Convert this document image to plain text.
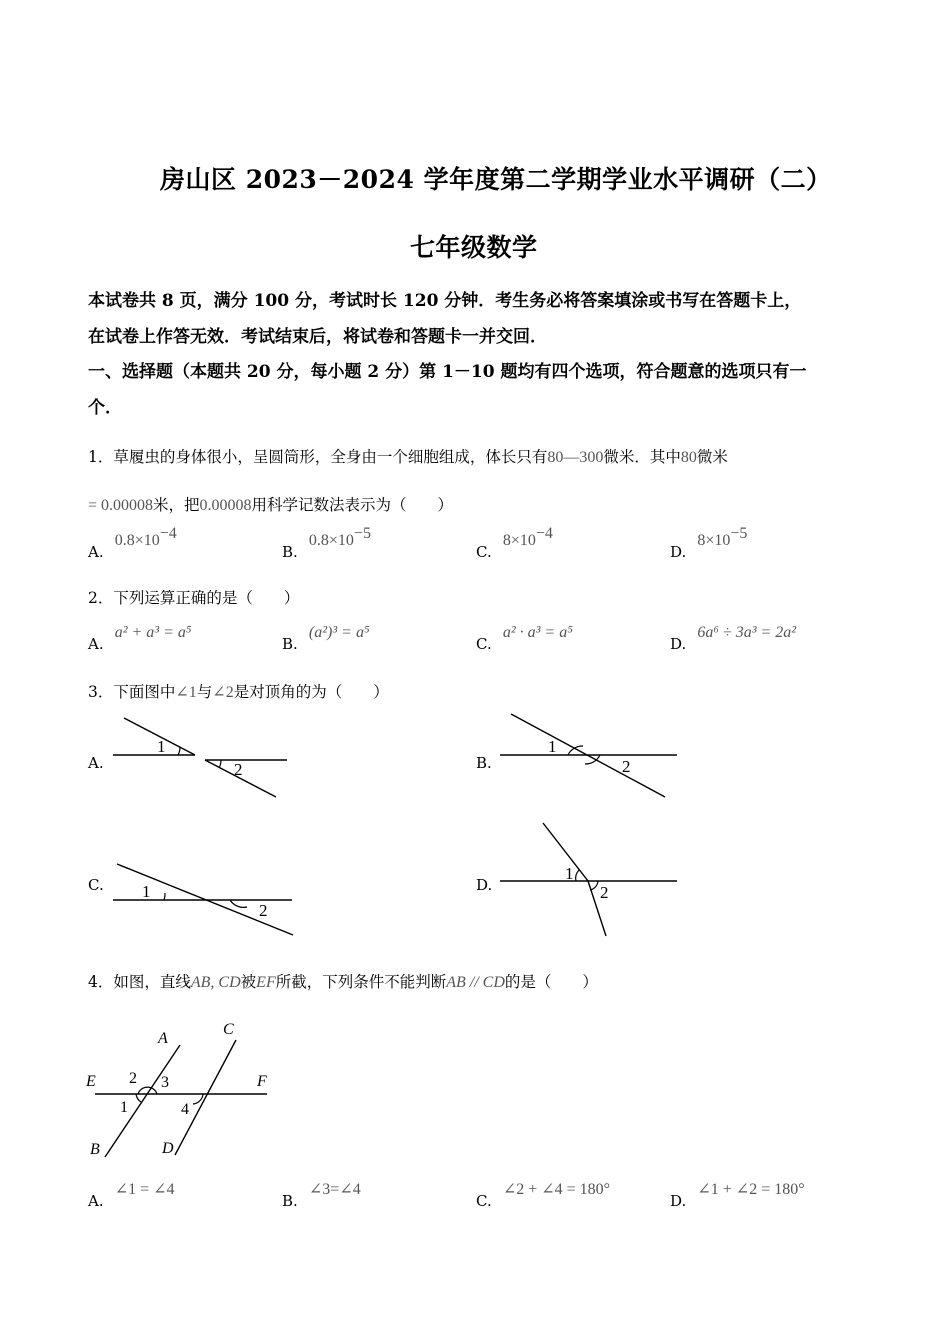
房山区 2023－2024 学年度第二学期学业水平调研（二）
七年级数学
本试卷共 8 页，满分 100 分，考试时长 120 分钟．考生务必将答案填涂或书写在答题卡上，
在试卷上作答无效．考试结束后，将试卷和答题卡一并交回．
一、选择题（本题共 20 分，每小题 2 分）第 1－10 题均有四个选项，符合题意的选项只有一
个．
1．草履虫的身体很小，呈圆筒形，全身由一个细胞组成，体长只有80—300微米．其中80微米
= 0.00008米，把0.00008用科学记数法表示为（　　）
A. $0.8\times 10^{-4}$
B. $0.8\times 10^{-5}$
C. $8\times 10^{-4}$
D. $8\times 10^{-5}$
2．下列运算正确的是（　　）
A. a² + a³ = a⁵
B. (a²)³ = a⁵
C. a² · a³ = a⁵
D. 6a⁶ ÷ 3a³ = 2a²
3．下面图中∠1与∠2是对顶角的为（　　）
A.
1
2	B.
1
2
C. 1
2
D.
1
2
4．如图，直线AB, CD被EF所截，下列条件不能判断AB // CD的是（　　）
A
C
E	F
B	D
2 3
1	4
A. ∠1 = ∠4
B. ∠3=∠4
C. ∠2 + ∠4 = 180°
D. ∠1 + ∠2 = 180°
